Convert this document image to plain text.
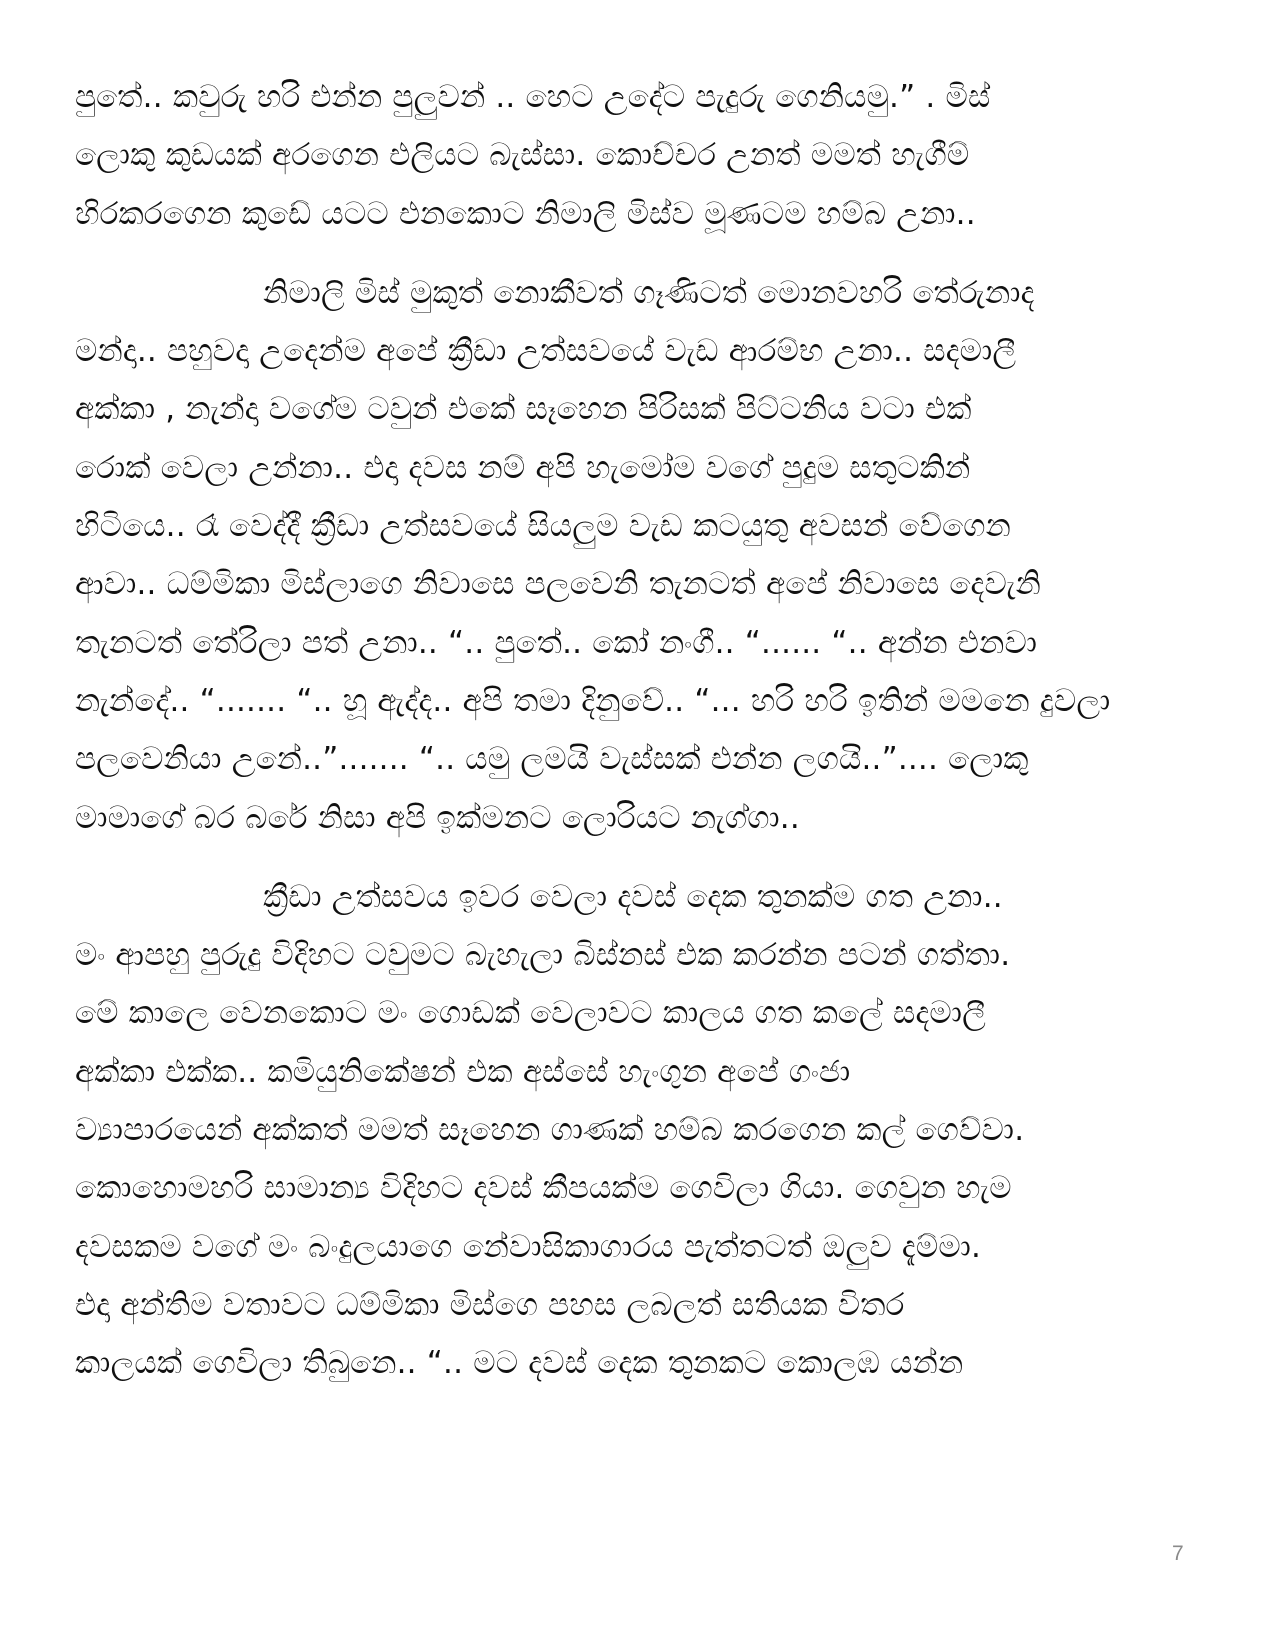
පුතේ.. කවුරු හරි එන්න පුලුවන් .. හෙට උදේට පැදුරු ගෙනියමු.” . මිස්
ලොකු කුඩයක් අරගෙන එලියට බැස්සා. කොච්චර උනත් මමත් හැගීම්
හිරකරගෙන කුඩේ යටට එනකොට නිමාලි මිස්ව මූණටම හම්බ උනා..
නිමාලි මිස් මුකුත් නොකීවත් ගෑණිටත් මොනවහරි තේරුනාද
මන්දා.. පහුවදා උදෙන්ම අපේ ක්‍රීඩා උත්සවයේ වැඩ ආරම්භ උනා.. සදමාලී
අක්කා , නැන්දා වගේම ටවුන් එකේ සෑහෙන පිරිසක් පිට්ටනිය වටා එක්
රොක් වෙලා උන්නා.. එදා දවස නම් අපි හැමෝම වගේ පුදුම සතුටකින්
හිටියෙ.. රෑ වෙද්දී ක්‍රීඩා උත්සවයේ සියලුම වැඩ කටයුතු අවසන් වේගෙන
ආවා.. ධම්මිකා මිස්ලාගෙ නිවාසෙ පලවෙනි තැනටත් අපේ නිවාසෙ දෙවැනි
තැනටත් තේරිලා පත් උනා.. “.. පුතේ.. කෝ නංගී.. “...... “.. අන්න එනවා
නැන්දේ.. “....... “.. හූ ඇද්ද.. අපි තමා දිනුවේ.. “... හරි හරි ඉතින් මමනෙ දුවලා
පලවෙනියා උනේ..”....... “.. යමු ලමයි වැස්සක් එන්න ලගයි..”.... ලොකු
මාමාගේ බර බරේ නිසා අපි ඉක්මනට ලොරියට නැග්ගා..
ක්‍රීඩා උත්සවය ඉවර වෙලා දවස් දෙක තුනක්ම ගත උනා..
මං ආපහු පුරුදු විදිහට ටවුමට බැහැලා බිස්නස් එක කරන්න පටන් ගත්තා.
මේ කාලෙ වෙනකොට මං ගොඩක් වෙලාවට කාලය ගත කලේ සදමාලී
අක්කා එක්ක.. කමියුනිකේෂන් එක අස්සේ හැංගුන අපේ ගංජා
ව්‍යාපාරයෙන් අක්කත් මමත් සෑහෙන ගාණක් හම්බ කරගෙන කල් ගෙව්වා.
කොහොමහරි සාමාන්‍ය විදිහට දවස් කීපයක්ම ගෙවිලා ගියා. ගෙවුන හැම
දවසකම වගේ මං බංදුලයාගෙ නේවාසිකාගාරය පැත්තටත් ඔලුව දැම්මා.
එදා අන්තිම වතාවට ධම්මිකා මිස්ගෙ පහස ලබලත් සතියක විතර
කාලයක් ගෙවිලා තිබුනෙ.. “.. මට දවස් දෙක තුනකට කොලඹ යන්න
7
